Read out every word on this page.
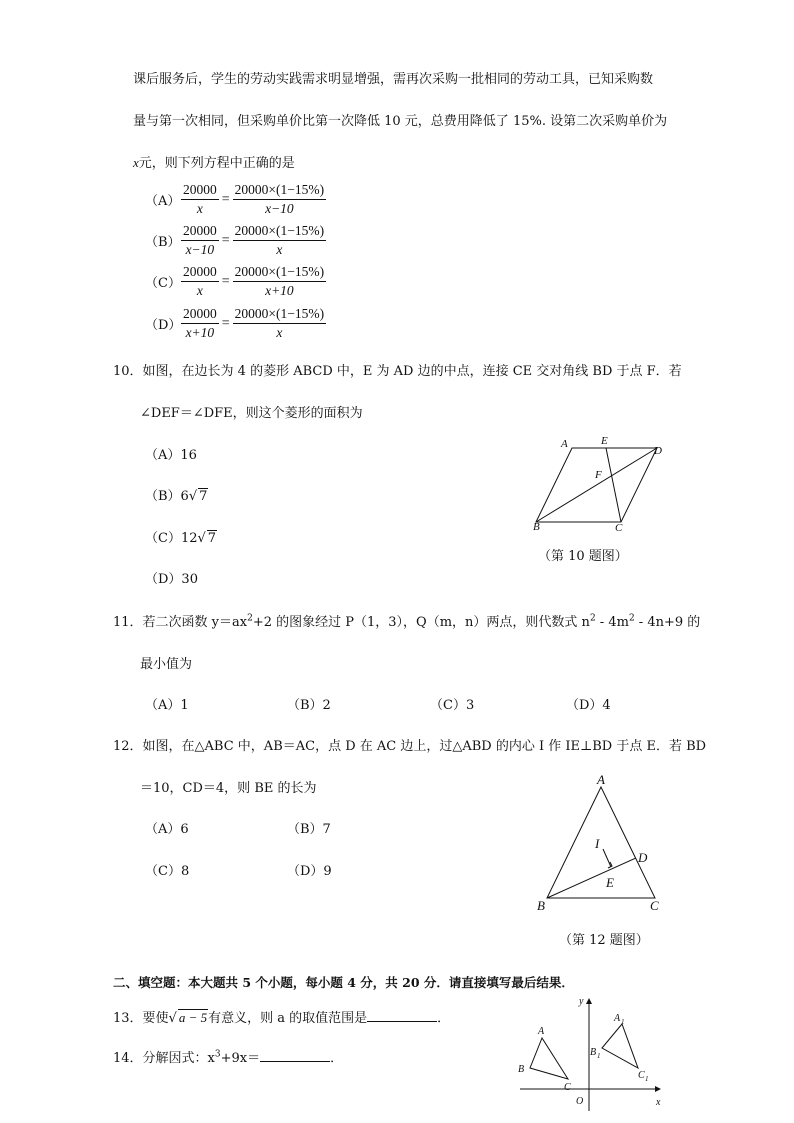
课后服务后，学生的劳动实践需求明显增强，需再次采购一批相同的劳动工具，已知采购数
量与第一次相同，但采购单价比第一次降低 10 元，总费用降低了 15%. 设第二次采购单价为
x元，则下列方程中正确的是
$(A) \frac{20000}{x} = \frac{20000\times(1-15\%)}{x-10}$
$(B) \frac{20000}{x-10} = \frac{20000\times(1-15\%)}{x}$
$(C) \frac{20000}{x} = \frac{20000\times(1-15\%)}{x+10}$
$(D) \frac{20000}{x+10} = \frac{20000\times(1-15\%)}{x}$
10．如图，在边长为 4 的菱形 ABCD 中，E 为 AD 边的中点，连接 CE 交对角线 BD 于点 F．若
∠DEF＝∠DFE，则这个菱形的面积为
（A）16
（B）6√ 7
（C）12√ 7
（D）30
A	E
D
F
B	C
（第 10 题图）
11．若二次函数 $y=ax^2+2$ 的图象经过 P（1，3），Q（m，n）两点，则代数式 $n^2 - 4m^2 - 4n+9$ 的
最小值为
（A）1	（B）2	（C）3	（D）4
12．如图，在△ABC 中，AB＝AC，点 D 在 AC 边上，过△ABD 的内心 I 作 IE⊥BD 于点 E．若 BD
＝10，CD＝4，则 BE 的长为
（A）6	（B）7
（C）8	（D）9
A
B	C
D
I
E
（第 12 题图）
二、填空题：本大题共 5 个小题，每小题 4 分，共 20 分．请直接填写最后结果．
13．要使√ a − 5有意义，则 a 的取值范围是	．
14．分解因式：$x^3+9x=$	．
y
x
O
A
B
C
A 1
B 1
C 1
